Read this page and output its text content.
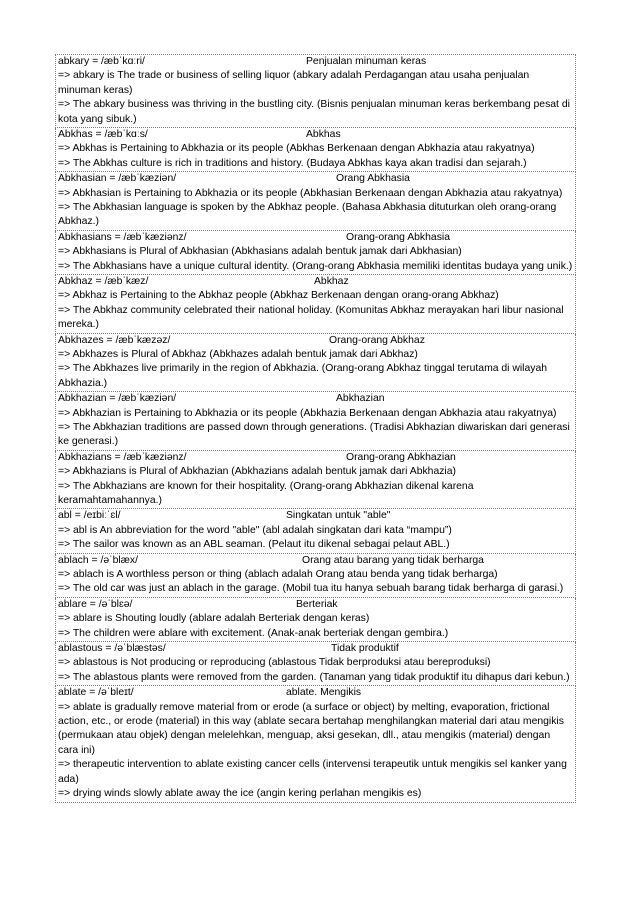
abkary = /æbˈkɑːri/	Penjualan minuman keras
=> abkary is The trade or business of selling liquor (abkary adalah Perdagangan atau usaha penjualan minuman keras)
=> The abkary business was thriving in the bustling city. (Bisnis penjualan minuman keras berkembang pesat di kota yang sibuk.)
Abkhas = /æbˈkɑːs/	Abkhas
=> Abkhas is Pertaining to Abkhazia or its people (Abkhas Berkenaan dengan Abkhazia atau rakyatnya)
=> The Abkhas culture is rich in traditions and history. (Budaya Abkhas kaya akan tradisi dan sejarah.)
Abkhasian = /æbˈkæziən/	Orang Abkhasia
=> Abkhasian is Pertaining to Abkhazia or its people (Abkhasian Berkenaan dengan Abkhazia atau rakyatnya)
=> The Abkhasian language is spoken by the Abkhaz people. (Bahasa Abkhasia dituturkan oleh orang-orang Abkhaz.)
Abkhasians = /æbˈkæziənz/	Orang-orang Abkhasia
=> Abkhasians is Plural of Abkhasian (Abkhasians adalah bentuk jamak dari Abkhasian)
=> The Abkhasians have a unique cultural identity. (Orang-orang Abkhasia memiliki identitas budaya yang unik.)
Abkhaz = /æbˈkæz/	Abkhaz
=> Abkhaz is Pertaining to the Abkhaz people (Abkhaz Berkenaan dengan orang-orang Abkhaz)
=> The Abkhaz community celebrated their national holiday. (Komunitas Abkhaz merayakan hari libur nasional mereka.)
Abkhazes = /æbˈkæzəz/	Orang-orang Abkhaz
=> Abkhazes is Plural of Abkhaz (Abkhazes adalah bentuk jamak dari Abkhaz)
=> The Abkhazes live primarily in the region of Abkhazia. (Orang-orang Abkhaz tinggal terutama di wilayah Abkhazia.)
Abkhazian = /æbˈkæziən/	Abkhazian
=> Abkhazian is Pertaining to Abkhazia or its people (Abkhazia Berkenaan dengan Abkhazia atau rakyatnya)
=> The Abkhazian traditions are passed down through generations. (Tradisi Abkhazian diwariskan dari generasi ke generasi.)
Abkhazians = /æbˈkæziənz/	Orang-orang Abkhazian
=> Abkhazians is Plural of Abkhazian (Abkhazians adalah bentuk jamak dari Abkhazia)
=> The Abkhazians are known for their hospitality. (Orang-orang Abkhazian dikenal karena keramahtamahannya.)
abl = /eɪbiːˈɛl/	Singkatan untuk "able"
=> abl is An abbreviation for the word "able" (abl adalah singkatan dari kata “mampu”)
=> The sailor was known as an ABL seaman. (Pelaut itu dikenal sebagai pelaut ABL.)
ablach = /əˈblæx/	Orang atau barang yang tidak berharga
=> ablach is A worthless person or thing (ablach adalah Orang atau benda yang tidak berharga)
=> The old car was just an ablach in the garage. (Mobil tua itu hanya sebuah barang tidak berharga di garasi.)
ablare = /əˈblɛə/	Berteriak
=> ablare is Shouting loudly (ablare adalah Berteriak dengan keras)
=> The children were ablare with excitement. (Anak-anak berteriak dengan gembira.)
ablastous = /əˈblæstəs/	Tidak produktif
=> ablastous is Not producing or reproducing (ablastous Tidak berproduksi atau bereproduksi)
=> The ablastous plants were removed from the garden. (Tanaman yang tidak produktif itu dihapus dari kebun.)
ablate = /əˈbleɪt/	ablate. Mengikis
=> ablate is gradually remove material from or erode (a surface or object) by melting, evaporation, frictional action, etc., or erode (material) in this way (ablate secara bertahap menghilangkan material dari atau mengikis (permukaan atau objek) dengan melelehkan, menguap, aksi gesekan, dll., atau mengikis (material) dengan cara ini)
=> therapeutic intervention to ablate existing cancer cells (intervensi terapeutik untuk mengikis sel kanker yang ada)
=> drying winds slowly ablate away the ice (angin kering perlahan mengikis es)
